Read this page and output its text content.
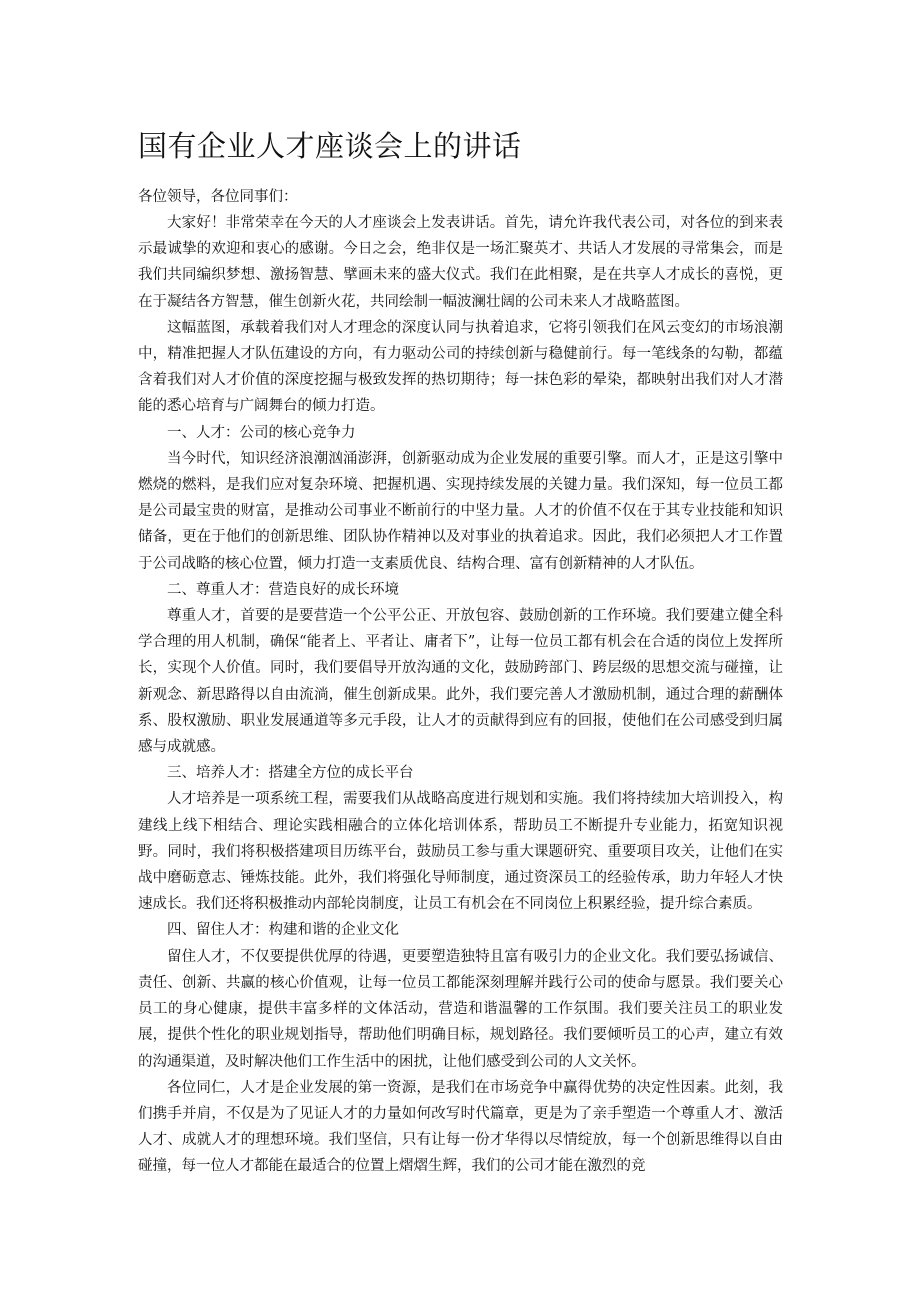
国有企业人才座谈会上的讲话

各位领导，各位同事们：

大家好！非常荣幸在今天的人才座谈会上发表讲话。首先，请允许我代表公司，对各位的到来表示最诚挚的欢迎和衷心的感谢。今日之会，绝非仅是一场汇聚英才、共话人才发展的寻常集会，而是我们共同编织梦想、激扬智慧、擘画未来的盛大仪式。我们在此相聚，是在共享人才成长的喜悦，更在于凝结各方智慧，催生创新火花，共同绘制一幅波澜壮阔的公司未来人才战略蓝图。

这幅蓝图，承载着我们对人才理念的深度认同与执着追求，它将引领我们在风云变幻的市场浪潮中，精准把握人才队伍建设的方向，有力驱动公司的持续创新与稳健前行。每一笔线条的勾勒，都蕴含着我们对人才价值的深度挖掘与极致发挥的热切期待；每一抹色彩的晕染，都映射出我们对人才潜能的悉心培育与广阔舞台的倾力打造。

一、人才：公司的核心竞争力

当今时代，知识经济浪潮汹涌澎湃，创新驱动成为企业发展的重要引擎。而人才，正是这引擎中燃烧的燃料，是我们应对复杂环境、把握机遇、实现持续发展的关键力量。我们深知，每一位员工都是公司最宝贵的财富，是推动公司事业不断前行的中坚力量。人才的价值不仅在于其专业技能和知识储备，更在于他们的创新思维、团队协作精神以及对事业的执着追求。因此，我们必须把人才工作置于公司战略的核心位置，倾力打造一支素质优良、结构合理、富有创新精神的人才队伍。

二、尊重人才：营造良好的成长环境

尊重人才，首要的是要营造一个公平公正、开放包容、鼓励创新的工作环境。我们要建立健全科学合理的用人机制，确保“能者上、平者让、庸者下”，让每一位员工都有机会在合适的岗位上发挥所长，实现个人价值。同时，我们要倡导开放沟通的文化，鼓励跨部门、跨层级的思想交流与碰撞，让新观念、新思路得以自由流淌，催生创新成果。此外，我们要完善人才激励机制，通过合理的薪酬体系、股权激励、职业发展通道等多元手段，让人才的贡献得到应有的回报，使他们在公司感受到归属感与成就感。

三、培养人才：搭建全方位的成长平台

人才培养是一项系统工程，需要我们从战略高度进行规划和实施。我们将持续加大培训投入，构建线上线下相结合、理论实践相融合的立体化培训体系，帮助员工不断提升专业能力，拓宽知识视野。同时，我们将积极搭建项目历练平台，鼓励员工参与重大课题研究、重要项目攻关，让他们在实战中磨砺意志、锤炼技能。此外，我们将强化导师制度，通过资深员工的经验传承，助力年轻人才快速成长。我们还将积极推动内部轮岗制度，让员工有机会在不同岗位上积累经验，提升综合素质。

四、留住人才：构建和谐的企业文化

留住人才，不仅要提供优厚的待遇，更要塑造独特且富有吸引力的企业文化。我们要弘扬诚信、责任、创新、共赢的核心价值观，让每一位员工都能深刻理解并践行公司的使命与愿景。我们要关心员工的身心健康，提供丰富多样的文体活动，营造和谐温馨的工作氛围。我们要关注员工的职业发展，提供个性化的职业规划指导，帮助他们明确目标，规划路径。我们要倾听员工的心声，建立有效的沟通渠道，及时解决他们工作生活中的困扰，让他们感受到公司的人文关怀。

各位同仁，人才是企业发展的第一资源，是我们在市场竞争中赢得优势的决定性因素。此刻，我们携手并肩，不仅是为了见证人才的力量如何改写时代篇章，更是为了亲手塑造一个尊重人才、激活人才、成就人才的理想环境。我们坚信，只有让每一份才华得以尽情绽放，每一个创新思维得以自由碰撞，每一位人才都能在最适合的位置上熠熠生辉，我们的公司才能在激烈的竞
